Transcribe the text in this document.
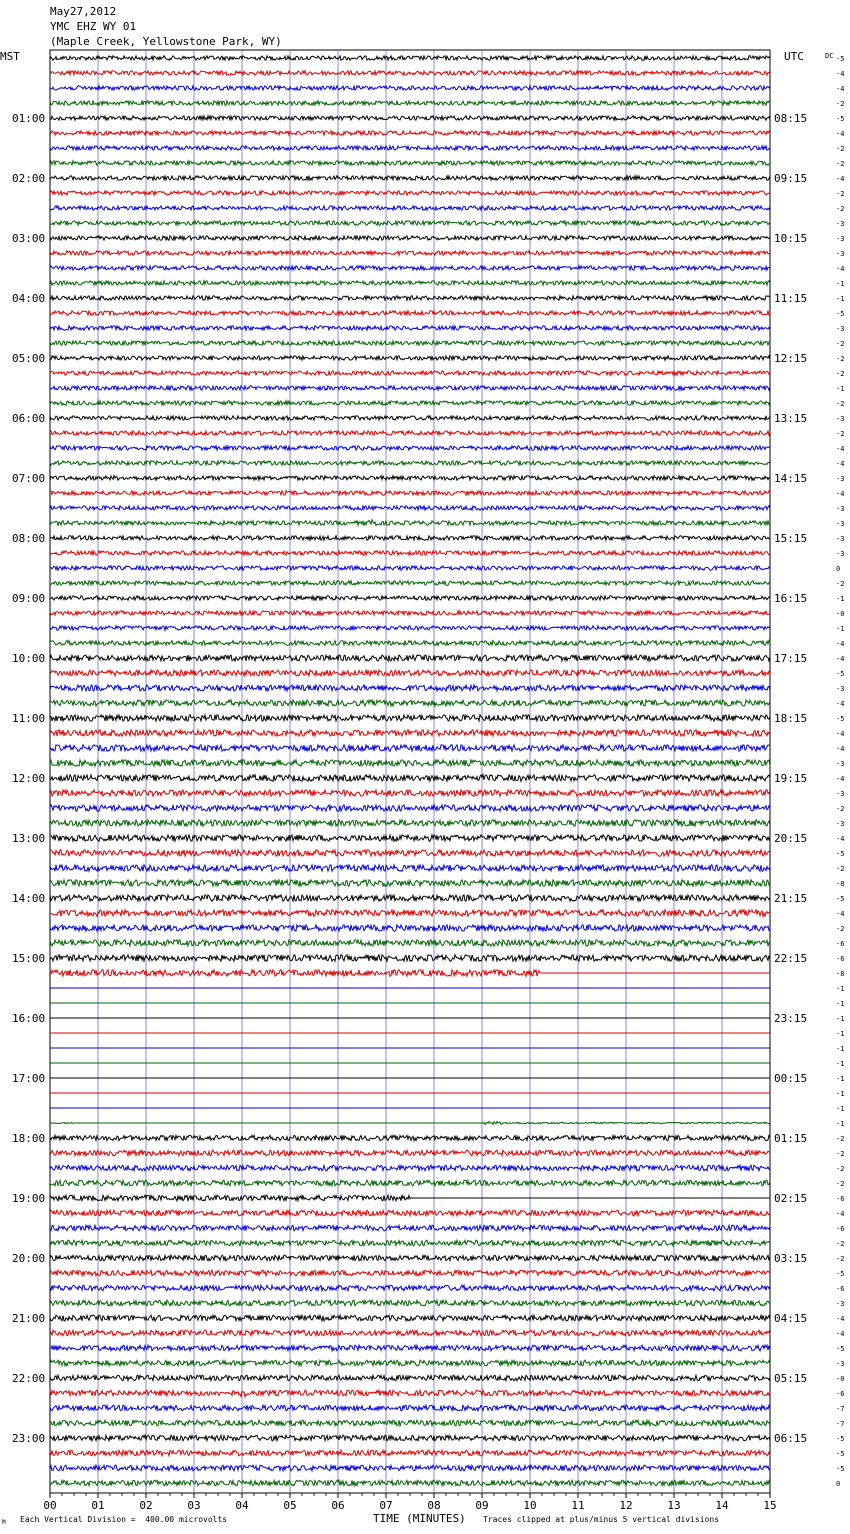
May27,2012
YMC EHZ WY 01
(Maple Creek, Yellowstone Park, WY)
MST	UTC	DC
01:00
02:00
03:00
04:00
05:00
06:00
07:00
08:00
09:00
10:00
11:00
12:00
13:00
14:00
15:00
16:00
17:00
18:00
19:00
20:00
21:00
22:00
23:00
08:15
09:15
10:15
11:15
12:15
13:15
14:15
15:15
16:15
17:15
18:15
19:15
20:15
21:15
22:15
23:15
00:15
01:15
02:15
03:15
04:15
05:15
06:15
-5
-4
-4
-2
-5
-4
-2
-2
-4
-2
-2
-3
-3
-3
-4
-1
-1
-5
-3
-2
-2
-2
-1
-2
-3
-2
-4
-4
-3
-4
-3
-3
-3
-3
0
-2
-1
-0
-1
-4
-4
-5
-3
-4
-5
-4
-4
-3
-4
-3
-2
-3
-4
-5
-2
-8
-5
-4
-2
-6
-6
-8
-1
-1
-1
-1
-1
-1
-1
-1
-1
-1
-2
-2
-2
-2
-6
-4
-6
-2
-2
-5
-6
-3
-4
-4
-5
-3
-0
-6
-7
-7
-5
-5
-5
0
00	01	02	03	04	05	06	07	08	09	10	11	12	13	14	15
M Each Vertical Division =  400.00 microvolts	TIME (MINUTES) Traces clipped at plus/minus 5 vertical divisions
